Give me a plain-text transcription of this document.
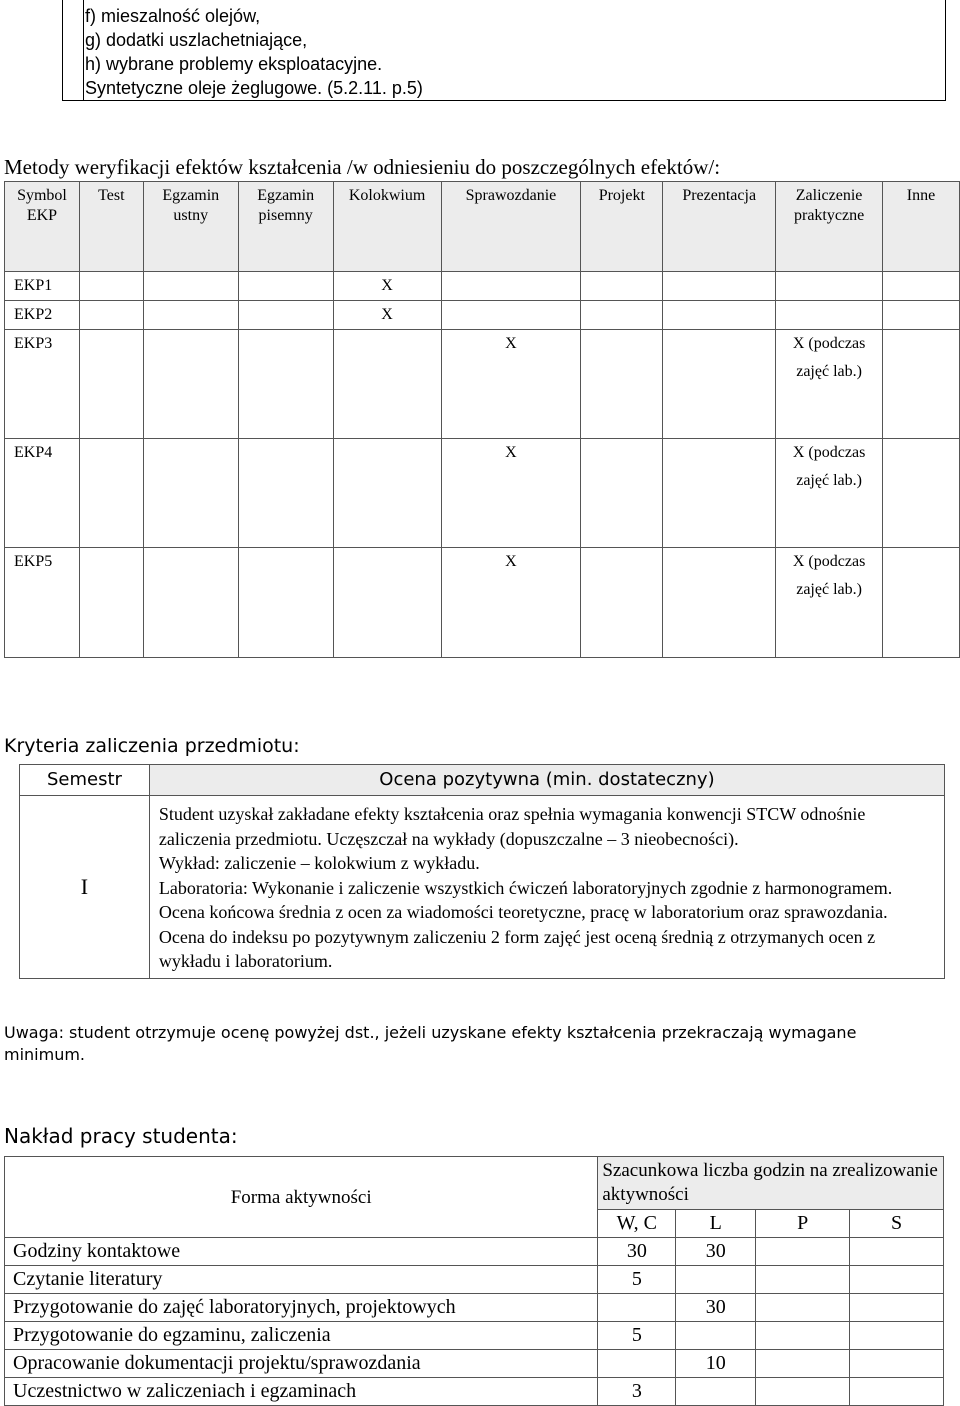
f) mieszalność olejów,
g) dodatki uszlachetniające,
h) wybrane problemy eksploatacyjne.
Syntetyczne oleje żeglugowe. (5.2.11. p.5)
Metody weryfikacji efektów kształcenia /w odniesieniu do poszczególnych efektów/:
Symbol EKP	Test	Egzamin ustny	Egzamin pisemny	Kolokwium	Sprawozdanie	Projekt	Prezentacja	Zaliczenie praktyczne	Inne
EKP1				X					
EKP2				X					
EKP3					X			X (podczas zajęć lab.)	
EKP4					X			X (podczas zajęć lab.)	
EKP5					X			X (podczas zajęć lab.)	
Kryteria zaliczenia przedmiotu:
Semestr	Ocena pozytywna (min. dostateczny)
I	Student uzyskał zakładane efekty kształcenia oraz spełnia wymagania konwencji STCW odnośnie zaliczenia przedmiotu. Uczęszczał na wykłady (dopuszczalne – 3 nieobecności).
Wykład: zaliczenie – kolokwium z wykładu.
Laboratoria: Wykonanie i zaliczenie wszystkich ćwiczeń laboratoryjnych zgodnie z harmonogramem. Ocena końcowa średnia z ocen za wiadomości teoretyczne, pracę w laboratorium oraz sprawozdania.
Ocena do indeksu po pozytywnym zaliczeniu 2 form zajęć jest oceną średnią z otrzymanych ocen z wykładu i laboratorium.
Uwaga: student otrzymuje ocenę powyżej dst., jeżeli uzyskane efekty kształcenia przekraczają wymagane minimum.
Nakład pracy studenta:
Forma aktywności	Szacunkowa liczba godzin na zrealizowanie aktywności			
	W, C	L	P	S
Godziny kontaktowe	30	30		
Czytanie literatury	5			
Przygotowanie do zajęć laboratoryjnych, projektowych		30		
Przygotowanie do egzaminu, zaliczenia	5			
Opracowanie dokumentacji projektu/sprawozdania		10		
Uczestnictwo w zaliczeniach i egzaminach	3			
